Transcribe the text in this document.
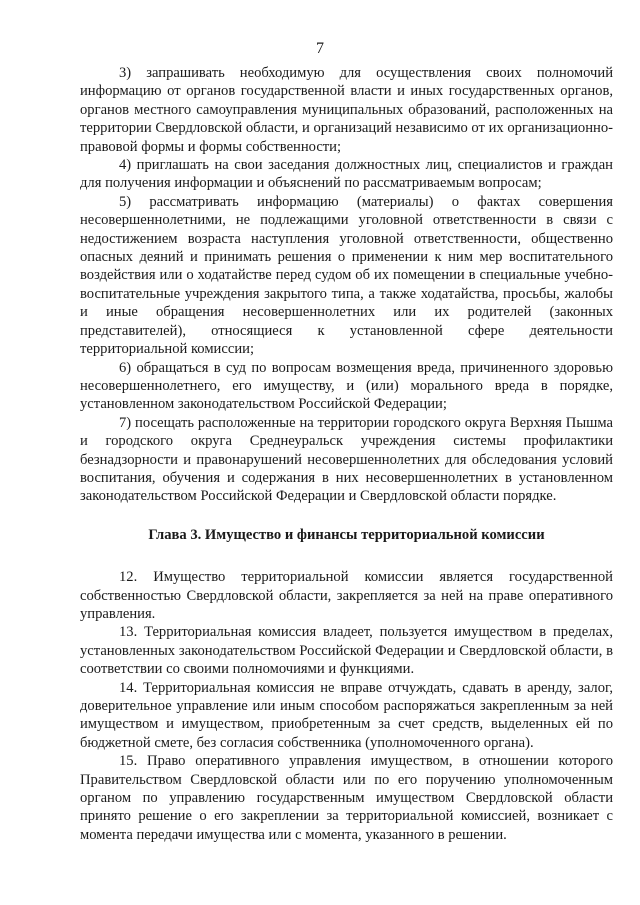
7

3) запрашивать необходимую для осуществления своих полномочий информацию от органов государственной власти и иных государственных органов, органов местного самоуправления муниципальных образований, расположенных на территории Свердловской области, и организаций независимо от их организационно-правовой формы и формы собственности;

4) приглашать на свои заседания должностных лиц, специалистов и граждан для получения информации и объяснений по рассматриваемым вопросам;

5) рассматривать информацию (материалы) о фактах совершения несовершеннолетними, не подлежащими уголовной ответственности в связи с недостижением возраста наступления уголовной ответственности, общественно опасных деяний и принимать решения о применении к ним мер воспитательного воздействия или о ходатайстве перед судом об их помещении в специальные учебно-воспитательные учреждения закрытого типа, а также ходатайства, просьбы, жалобы и иные обращения несовершеннолетних или их родителей (законных представителей), относящиеся к установленной сфере деятельности территориальной комиссии;

6) обращаться в суд по вопросам возмещения вреда, причиненного здоровью несовершеннолетнего, его имуществу, и (или) морального вреда в порядке, установленном законодательством Российской Федерации;

7) посещать расположенные на территории городского округа Верхняя Пышма и городского округа Среднеуральск учреждения системы профилактики безнадзорности и правонарушений несовершеннолетних для обследования условий воспитания, обучения и содержания в них несовершеннолетних в установленном законодательством Российской Федерации и Свердловской области порядке.

Глава 3. Имущество и финансы территориальной комиссии

12. Имущество территориальной комиссии является государственной собственностью Свердловской области, закрепляется за ней на праве оперативного управления.

13. Территориальная комиссия владеет, пользуется имуществом в пределах, установленных законодательством Российской Федерации и Свердловской области, в соответствии со своими полномочиями и функциями.

14. Территориальная комиссия не вправе отчуждать, сдавать в аренду, залог, доверительное управление или иным способом распоряжаться закрепленным за ней имуществом и имуществом, приобретенным за счет средств, выделенных ей по бюджетной смете, без согласия собственника (уполномоченного органа).

15. Право оперативного управления имуществом, в отношении которого Правительством Свердловской области или по его поручению уполномоченным органом по управлению государственным имуществом Свердловской области принято решение о его закреплении за территориальной комиссией, возникает с момента передачи имущества или с момента, указанного в решении.
